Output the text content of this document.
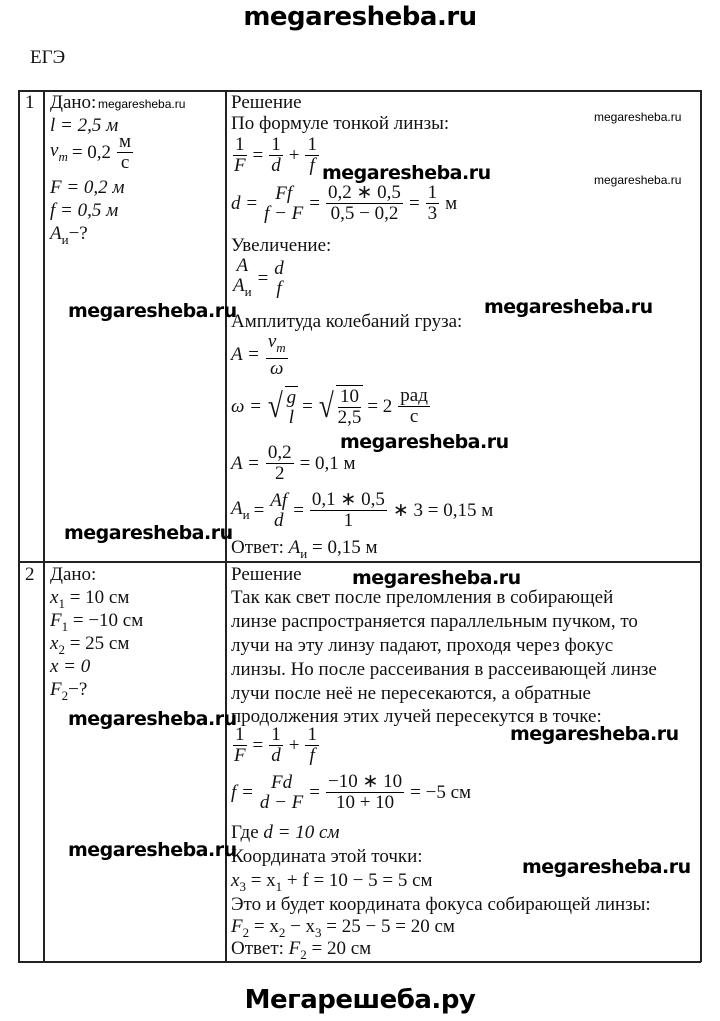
megaresheba.ru
ЕГЭ
1 Дано:
l = 2,5 м
$v_m = 0,2$ м
с
F = 0,2 м
f = 0,5 м
$A_и-$?
Решение
По формуле тонкой линзы:
$\frac{1}{F} = \frac{1}{d} + \frac{1}{f}$
d = Ff
$f - F = \frac{0,2 ∗ 0,5}{0,5 - 0,2} = \frac{1}{3}$ м
Увеличение:
A
$A_и$
= d
f
Амплитуда колебаний груза:
$A = \frac{v_m}{\omega}$
ω = √ g
l
= √ $\frac{10}{2,5} = 2$ рад
с
$A = \frac{0,2}{2} = 0,1$ м
$A_и = Af$
$d = \frac{0,1 ∗ 0,5}{1}$ ∗ 3 = 0,15 м
Ответ: $A_и = 0,15$ м
2 Дано:
$x_1 = 10$ см
$F_1 = -10$ см
$x_2 = 25$ см
x = 0
$F_2-$?
Решение
Так как свет после преломления в собирающей
линзе распространяется параллельным пучком, то
лучи на эту линзу падают, проходя через фокус
линзы. Но после рассеивания в рассеивающей линзе
лучи после неё не пересекаются, а обратные
продолжения этих лучей пересекутся в точке:
$\frac{1}{F} = \frac{1}{d} + \frac{1}{f}$
f = Fd
$d - F = \frac{-10 ∗ 10}{10 + 10} = -5$ см
Где d = 10 см
Координата этой точки:
$x_3 = x_1 + f = 10 - 5 = 5$ см
Это и будет координата фокуса собирающей линзы:
$F_2 = x_2 - x_3 = 25 - 5 = 20$ см
Ответ: $F_2 = 20$ см
megaresheba.ru
megaresheba.ru
megaresheba.ru
megaresheba.ru
megaresheba.ru	megaresheba.ru
megaresheba.ru
megaresheba.ru
megaresheba.ru
megaresheba.ru
megaresheba.ru
megaresheba.ru
megaresheba.ru
Мегарешеба.ру
